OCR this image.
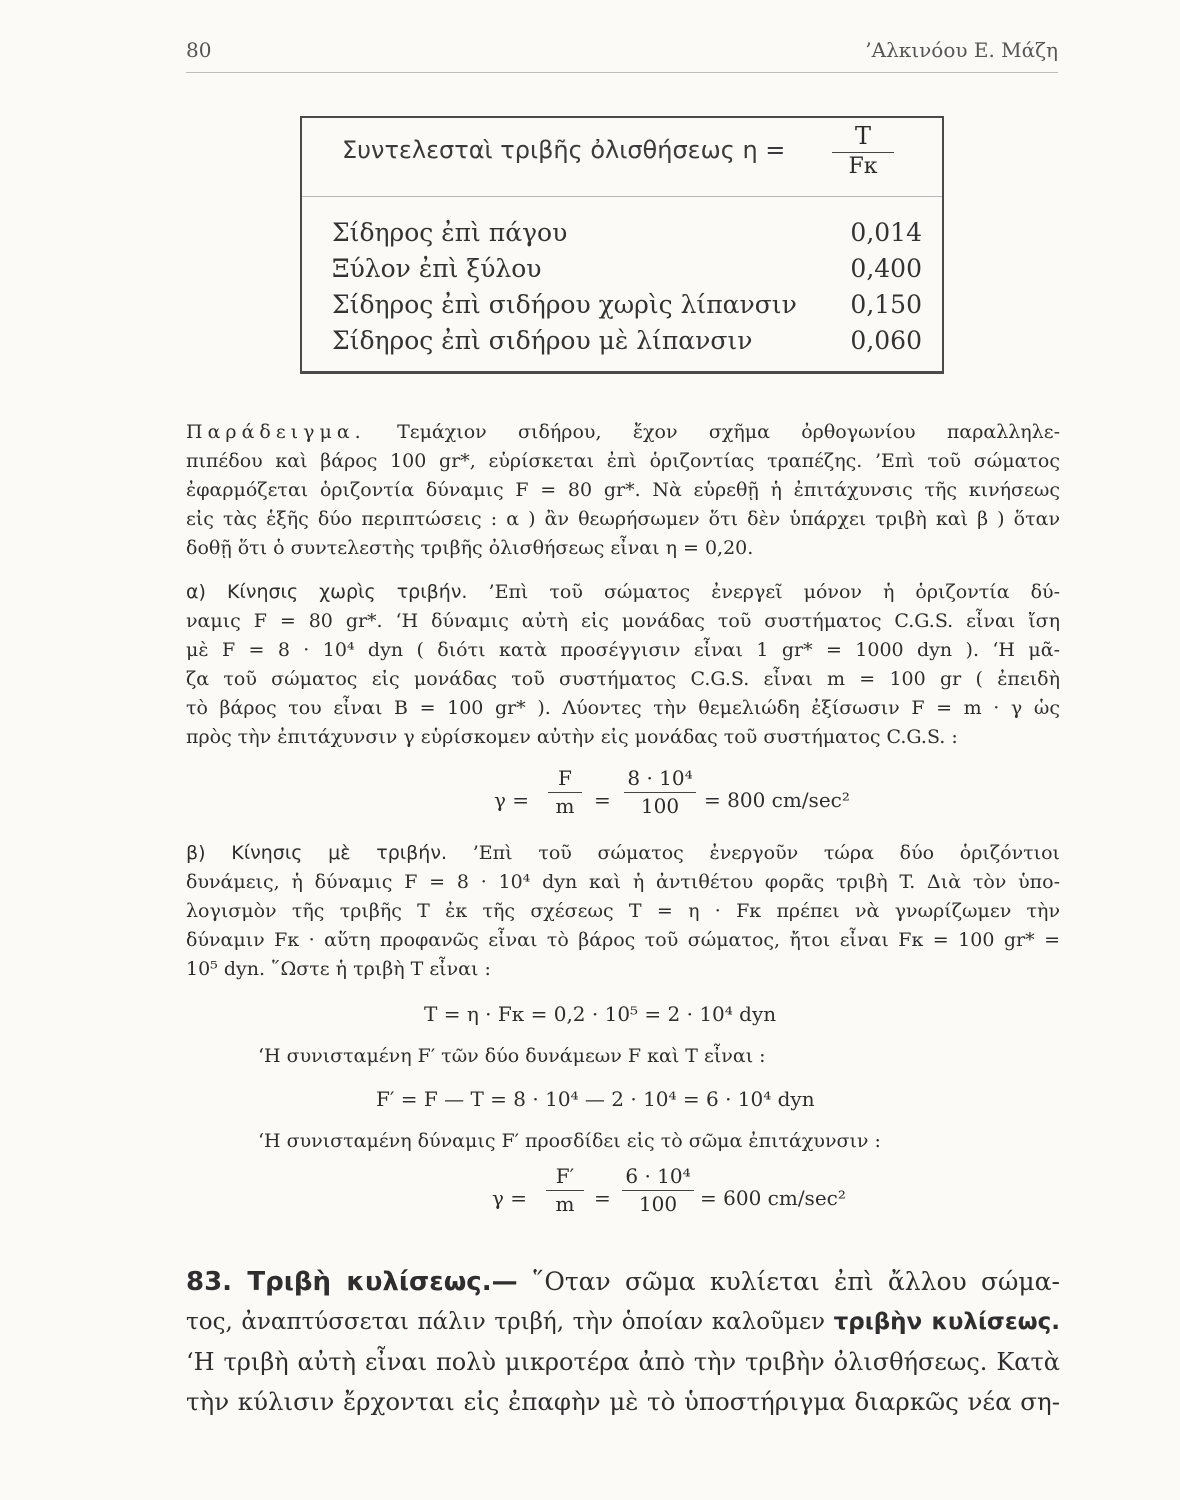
80	’Αλκινόου Ε. Μάζη
Συντελεσταὶ τριβῆς ὀλισθήσεως η =	T
Fκ
Σίδηρος ἐπὶ πάγου	0,014
Ξύλον ἐπὶ ξύλου	0,400
Σίδηρος ἐπὶ σιδήρου χωρὶς λίπανσιν 0,150
Σίδηρος ἐπὶ σιδήρου μὲ λίπανσιν	0,060
Παράδειγμα. Τεμάχιον σιδήρου, ἔχον σχῆμα ὀρθογωνίου παραλληλε-
πιπέδου καὶ βάρος 100 gr*, εὑρίσκεται ἐπὶ ὁριζοντίας τραπέζης. ’Επὶ τοῦ σώματος
ἐφαρμόζεται ὁριζοντία δύναμις F = 80 gr*. Νὰ εὑρεθῇ ἡ ἐπιτάχυνσις τῆς κινήσεως
εἰς τὰς ἑξῆς δύο περιπτώσεις : α ) ἂν θεωρήσωμεν ὅτι δὲν ὑπάρχει τριβὴ καὶ β ) ὅταν
δοθῇ ὅτι ὁ συντελεστὴς τριβῆς ὀλισθήσεως εἶναι η = 0,20.
α) Κίνησις χωρὶς τριβήν. ’Επὶ τοῦ σώματος ἐνεργεῖ μόνον ἡ ὁριζοντία δύ-
ναμις F = 80 gr*. ‘Η δύναμις αὐτὴ εἰς μονάδας τοῦ συστήματος C.G.S. εἶναι ἴση
μὲ F = 8 · 10⁴ dyn ( διότι κατὰ προσέγγισιν εἶναι 1 gr* = 1000 dyn ). ‘Η μᾶ-
ζα τοῦ σώματος εἰς μονάδας τοῦ συστήματος C.G.S. εἶναι m = 100 gr ( ἐπειδὴ
τὸ βάρος του εἶναι B = 100 gr* ). Λύοντες τὴν θεμελιώδη ἐξίσωσιν F = m · γ ὡς
πρὸς τὴν ἐπιτάχυνσιν γ εὑρίσκομεν αὐτὴν εἰς μονάδας τοῦ συστήματος C.G.S. :
γ =
F
m =
8 · 10⁴
100	= 800 cm/sec²
β) Κίνησις μὲ τριβήν. ’Επὶ τοῦ σώματος ἐνεργοῦν τώρα δύο ὁριζόντιοι
δυνάμεις, ἡ δύναμις F = 8 · 10⁴ dyn καὶ ἡ ἀντιθέτου φορᾶς τριβὴ T. Διὰ τὸν ὑπο-
λογισμὸν τῆς τριβῆς T ἐκ τῆς σχέσεως T = η · Fκ πρέπει νὰ γνωρίζωμεν τὴν
δύναμιν Fκ · αὕτη προφανῶς εἶναι τὸ βάρος τοῦ σώματος, ἤτοι εἶναι Fκ = 100 gr* =
10⁵ dyn. ῞Ωστε ἡ τριβὴ T εἶναι :
T = η · Fκ = 0,2 · 10⁵ = 2 · 10⁴ dyn
‘Η συνισταμένη F′ τῶν δύο δυνάμεων F καὶ T εἶναι :
F′ = F — T = 8 · 10⁴ — 2 · 10⁴ = 6 · 10⁴ dyn
‘Η συνισταμένη δύναμις F′ προσδίδει εἰς τὸ σῶμα ἐπιτάχυνσιν :
γ =
F′
m =
6 · 10⁴
100	= 600 cm/sec²
83. Τριβὴ κυλίσεως.— ῞Οταν σῶμα κυλίεται ἐπὶ ἄλλου σώμα-
τος, ἀναπτύσσεται πάλιν τριβή, τὴν ὁποίαν καλοῦμεν τριβὴν κυλίσεως.
‘Η τριβὴ αὐτὴ εἶναι πολὺ μικροτέρα ἀπὸ τὴν τριβὴν ὀλισθήσεως. Κατὰ
τὴν κύλισιν ἔρχονται εἰς ἐπαφὴν μὲ τὸ ὑποστήριγμα διαρκῶς νέα ση-
